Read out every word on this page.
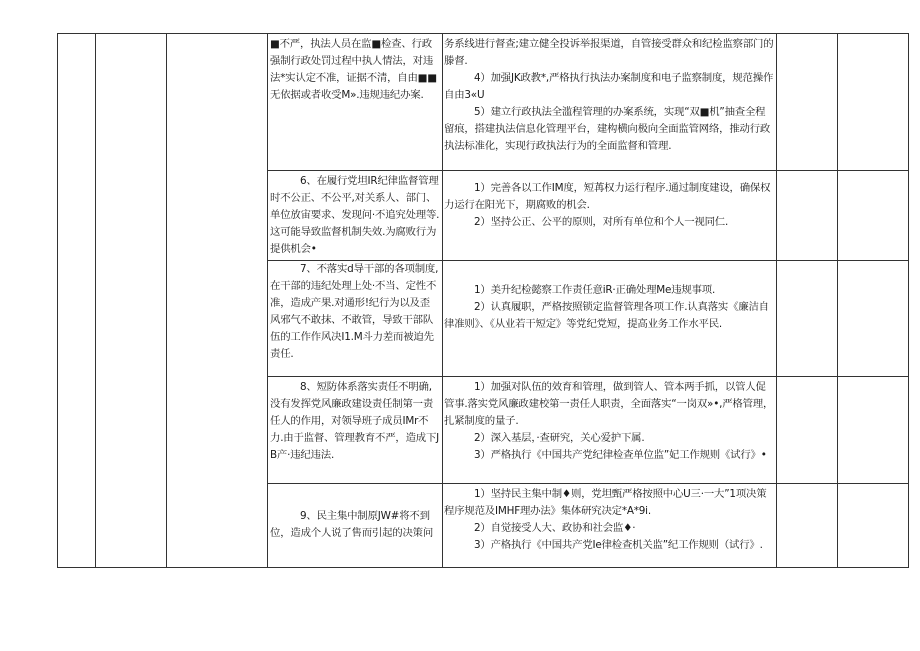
■不严，执法人员在监■检查、行政强制行政处罚过程中执人情法，对违法*实认定不准，证据不清，自由■■无依据或者收受M».违规违纪办案.

务系线进行督查;建立健全投诉举报渠道，自管接受群众和纪检监察部门的滕督.

4）加强JK政教*,严格执行执法办案制度和电子监察制度，规范操作自由3«U

5）建立行政执法全滥程管理的办案系统，实现“双■机”抽查全程留痕，搭建执法信息化管理平台，建构横向极向全面监管网络，推动行政执法标准化，实现行政执法行为的全面监督和管理.

6、在履行党坦IR纪律监督管理时不公正、不公平,对关系人、部门、单位放宙要求、发现问·不追究处理等.这可能导致监督机制失效.为腐败行为提供机会•

1）完善各以工作IM度，短苒权力运行程序.通过制度建设，确保权力运行在阳光下，期腐败的机会.

2）坚持公正、公平的原则，对所有单位和个人一视同仁.

7、不落实d导干部的各项制度,在干部的违纪处理上处·不当、定性不准，造成产果.对通形!纪行为以及歪风邪气不敢抹、不敢管，导致干部队伍的工作作风决I1.M斗力差而被迫先责任.

1）美升纪检懿察工作责任意iR·正确处理Me违规事项.

2）认真履职，严格按照锁定监督管理各项工作.认真落实《廉洁自律准则》、《从业若干短定》等党纪党短，提高业务工作水平民.

8、短防体系落实责任不明确,没有发挥党风廉政建设责任制第一责任人的作用，对领导班子成员IMr不力.由于监督、管理教育不严，造成下JB产·违纪违法.

1）加强对队伍的效育和管理，做到管人、管本两手抓，以管人促管事.落实党风廉政建校第一责任人职责，全面落实“一岗双»•,严格管理，扎紧制度的量子.

2）深入基层，·查研究，关心爱护下属.

3）严格执行《中国共产党纪律检查单位监”妃工作规则《试行》•

9、民主集中制原JW#将不到位，造成个人说了售而引起的决策问

1）坚持民主集中制♦则，党坦甄严格按照中心U三·一大”1项决策程序规范及IMHF理办法》集体研究决定*A*9i.

2）自觉接受人大、政协和社会监♦·

3）产格执行《中国共产党Ie律检查机关监”纪工作规则（试行》.
